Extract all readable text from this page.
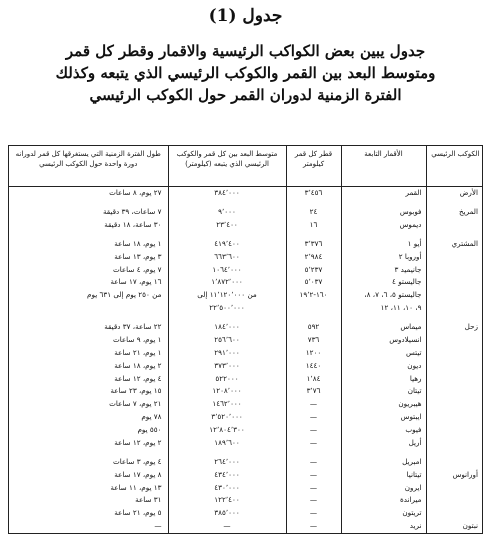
جدول (1)
جدول يبين بعض الكواكب الرئيسية والاقمار وقطر كل قمر
ومتوسط البعد بين القمر والكوكب الرئيسي الذي يتبعه وكذلك
الفترة الزمنية لدوران القمر حول الكوكب الرئيسي
الكوكب الرئيسي	الأقمار التابعة	قطر كل قمر كيلومتر	متوسط البعد بين كل قمر والكوكب الرئيسي الذي يتبعه (كيلومتر)	طول الفترة الزمنية التي يستغرقها كل قمر لدورانه دورة واحدة حول الكوكب الرئيسي
الأرض	القمر	٣٬٤٥٦	٣٨٤٬٠٠٠	٢٧ يوم، ٨ ساعات

المريخ	فوبوس	٢٤	٩٬٠٠٠	٧ ساعات، ٣٩ دقيقة
	ديموس	١٦	٢٣٬٤٠٠	٣٠ ساعة، ١٨ دقيقة

المشتري	أيو ١	٣٬٣٧٦	٤١٩٬٤٠٠	١ يوم، ١٨ ساعة
	أوروبا ٢	٢٬٩٨٤	٦٦٣٬٦٠٠	٣ يوم، ١٣ ساعة
	جانيميد ٣	٥٬٢٣٧	١٠٦٤٬٠٠٠	٧ يوم، ٤ ساعات
	جاليستو ٤	٥٬٠٣٧	١٬٨٧٢٬٠٠٠	١٦ يوم، ١٧ ساعة
	جاليستو ٥، ٦، ٧، ٨،	١٦٠-١٩٬٢	من ١١٬١٢٠٬٠٠٠ إلى	من ٢٥٠ يوم إلى ٦٣١ يوم
	٩، ١٠، ١١، ١٢		٢٢٬٥٠٠٬٠٠٠	

زحل	ميماس	٥٩٢	١٨٤٬٠٠٠	٢٢ ساعة، ٣٧ دقيقة
	انسيلادوس	٧٣٦	٢٥٦٬٦٠٠	١ يوم، ٩ ساعات
	تيتس	١٢٠٠	٢٩١٬٠٠٠	١ يوم، ٢١ ساعة
	ديون	١٤٤٠	٣٧٣٬٠٠٠	٢ يوم، ١٨ ساعة
	رهيا	١٬٨٤	٥٢٢٠٠٠	٤ يوم، ١٢ ساعة
	تيتان	٣٬٧٦	١٢٠٨٬٠٠٠	١٥ يوم، ٢٣ ساعة
	هيبريون	—	١٤٦٢٬٠٠٠	٢١ يوم، ٧ ساعات
	ايبتوس	—	٣٬٥٢٠٬٠٠٠	٧٨ يوم
	فيوب	—	١٢٬٨٠٤٬٣٠٠	٥٥٠ يوم
	أريل	—	١٨٩٬٦٠٠	٢ يوم، ١٢ ساعة

	امبريل	—	٢٦٤٬٠٠٠	٤ يوم، ٣ ساعات
أورانوس	تيتانيا	—	٤٣٤٬٠٠٠	٨ يوم، ١٧ ساعة
	ايرون	—	٤٣٠٬٠٠٠	١٣ يوم، ١١ ساعة
	ميراندة	—	١٢٢٬٤٠٠	٣١ ساعة
	تريتون	—	٣٨٥٬٠٠٠	٥ يوم، ٢١ ساعة
نبتون	نريد	—	—	—
